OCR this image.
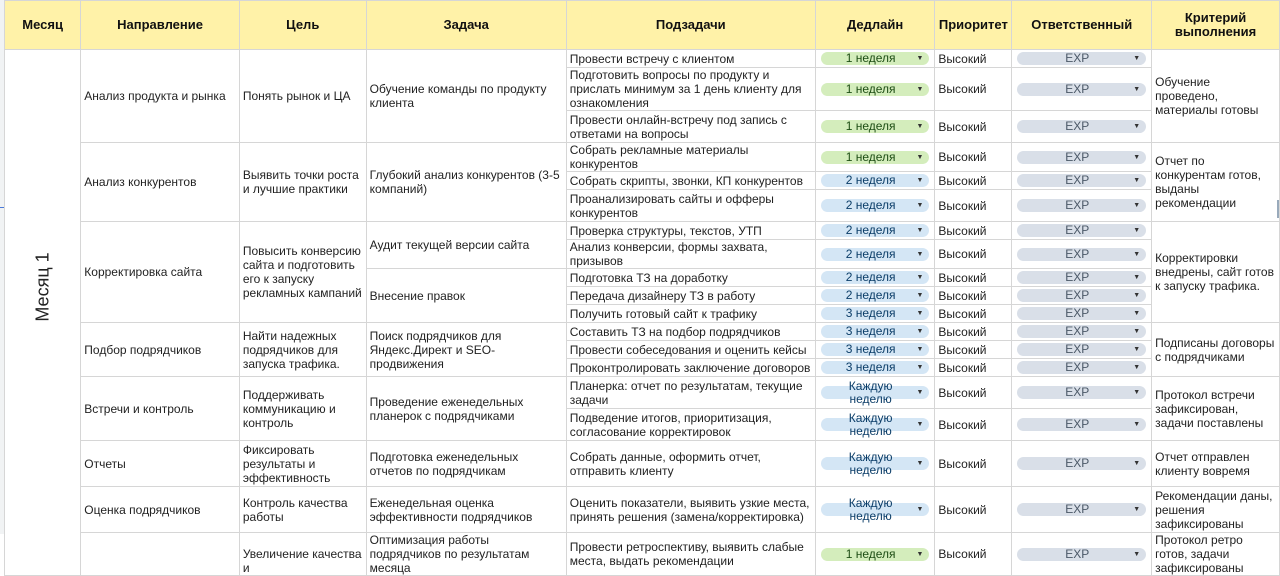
Месяц	Направление	Цель	Задача	Подзадачи	Дедлайн	Приоритет	Ответственный	Критерий выполнения
Месяц 1	Анализ продукта и рынка	Понять рынок и ЦА	Обучение команды по продукту клиента	Провести встречу с клиентом	1 неделя ▼	Высокий	EXP ▼	Обучение проведено, материалы готовы
				Подготовить вопросы по продукту и прислать минимум за 1 день клиенту для ознакомления	1 неделя ▼	Высокий	EXP ▼	

				Провести онлайн-встречу под запись с ответами на вопросы	1 неделя ▼	Высокий	EXP ▼	

	Анализ конкурентов	Выявить точки роста и лучшие практики	Глубокий анализ конкурентов (3-5 компаний)	Собрать рекламные материалы конкурентов	1 неделя ▼	Высокий	EXP ▼	Отчет по конкурентам готов, выданы рекомендации
				Собрать скрипты, звонки, КП конкурентов	2 неделя ▼	Высокий	EXP ▼	

				Проанализировать сайты и офферы конкурентов	2 неделя ▼	Высокий	EXP ▼	

	Корректировка сайта	Повысить конверсию сайта и подготовить его к запуску рекламных кампаний	Аудит текущей версии сайта	Проверка структуры, текстов, УТП	2 неделя ▼	Высокий	EXP ▼	Корректировки внедрены, сайт готов к запуску трафика.
				Анализ конверсии, формы захвата, призывов	2 неделя ▼	Высокий	EXP ▼	

			Внесение правок	Подготовка ТЗ на доработку	2 неделя ▼	Высокий	EXP ▼	

				Передача дизайнеру ТЗ в работу	2 неделя ▼	Высокий	EXP ▼	

				Получить готовый сайт к трафику	3 неделя ▼	Высокий	EXP ▼	

	Подбор подрядчиков	Найти надежных подрядчиков для запуска трафика.	Поиск подрядчиков для Яндекс.Директ и SEO-продвижения	Составить ТЗ на подбор подрядчиков	3 неделя ▼	Высокий	EXP ▼	Подписаны договоры с подрядчиками
				Провести собеседования и оценить кейсы	3 неделя ▼	Высокий	EXP ▼	

				Проконтролировать заключение договоров	3 неделя ▼	Высокий	EXP ▼	

	Встречи и контроль	Поддерживать коммуникацию и контроль	Проведение еженедельных планерок с подрядчиками	Планерка: отчет по результатам, текущие задачи	Каждую неделю ▼	Высокий	EXP ▼	Протокол встречи зафиксирован, задачи поставлены
				Подведение итогов, приоритизация, согласование корректировок	Каждую неделю ▼	Высокий	EXP ▼	

	Отчеты	Фиксировать результаты и эффективность	Подготовка еженедельных отчетов по подрядчикам	Собрать данные, оформить отчет, отправить клиенту	Каждую неделю ▼	Высокий	EXP ▼	Отчет отправлен клиенту вовремя
	Оценка подрядчиков	Контроль качества работы	Еженедельная оценка эффективности подрядчиков	Оценить показатели, выявить узкие места, принять решения (замена/корректировка)	Каждую неделю ▼	Высокий	EXP ▼	Рекомендации даны, решения зафиксированы
		Увеличение качества и	Оптимизация работы подрядчиков по результатам месяца	Провести ретроспективу, выявить слабые места, выдать рекомендации	1 неделя ▼	Высокий	EXP ▼	Протокол ретро готов, задачи зафиксированы
